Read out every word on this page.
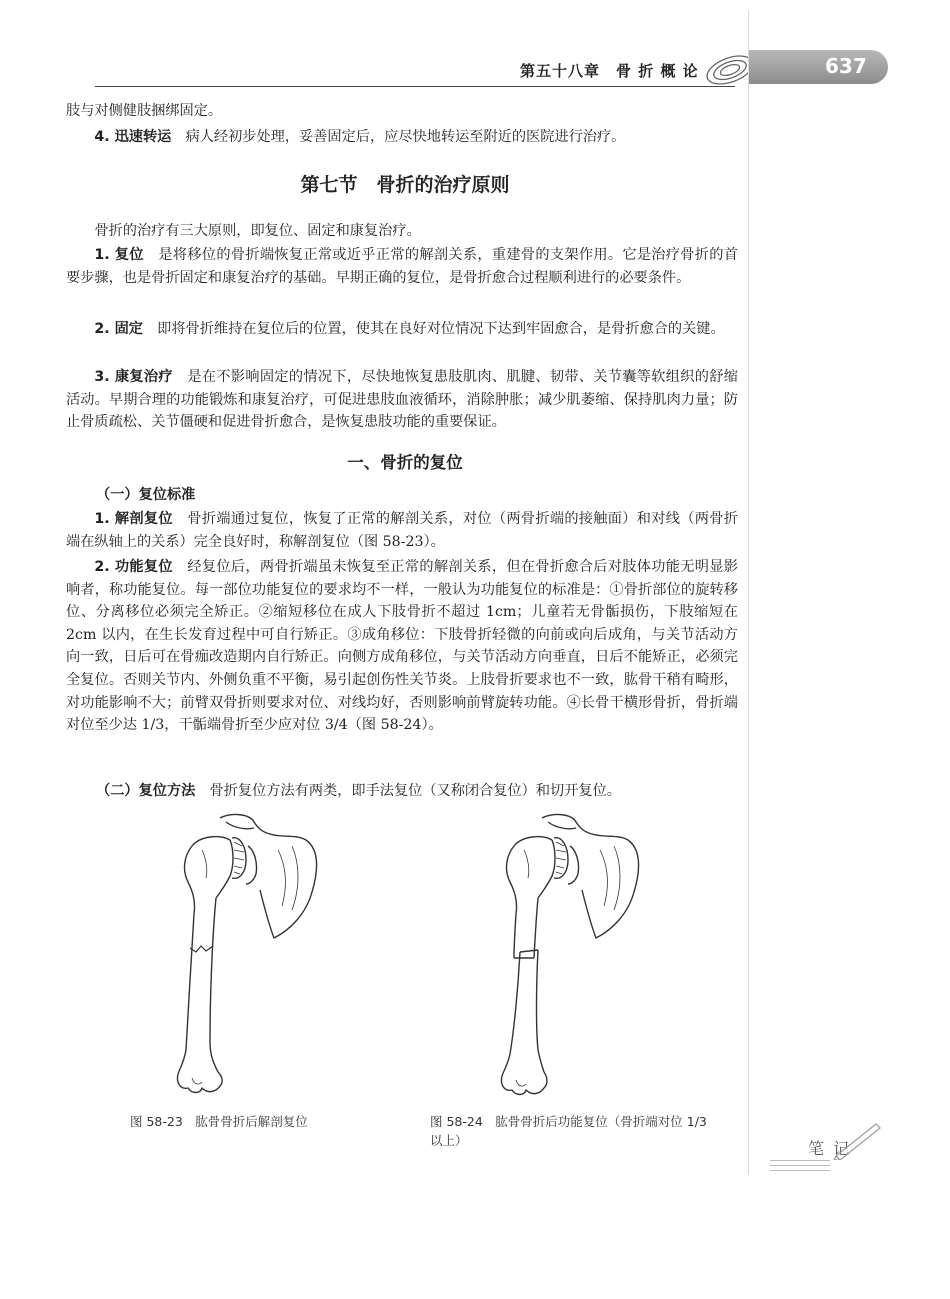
第五十八章　骨 折 概 论	637

肢与对侧健肢捆绑固定。

4. 迅速转运　 病人经初步处理，妥善固定后，应尽快地转运至附近的医院进行治疗。

第七节　骨折的治疗原则

骨折的治疗有三大原则，即复位、固定和康复治疗。

1. 复位　 是将移位的骨折端恢复正常或近乎正常的解剖关系，重建骨的支架作用。它是治疗骨折的首要步骤，也是骨折固定和康复治疗的基础。早期正确的复位，是骨折愈合过程顺利进行的必要条件。

2. 固定　 即将骨折维持在复位后的位置，使其在良好对位情况下达到牢固愈合，是骨折愈合的关键。

3. 康复治疗　 是在不影响固定的情况下，尽快地恢复患肢肌肉、肌腱、韧带、关节囊等软组织的舒缩活动。早期合理的功能锻炼和康复治疗，可促进患肢血液循环，消除肿胀；减少肌萎缩、保持肌肉力量；防止骨质疏松、关节僵硬和促进骨折愈合，是恢复患肢功能的重要保证。

一、骨折的复位
（一）复位标准

1. 解剖复位　 骨折端通过复位，恢复了正常的解剖关系，对位（两骨折端的接触面）和对线（两骨折端在纵轴上的关系）完全良好时，称解剖复位（图 58-23）。

2. 功能复位　 经复位后，两骨折端虽未恢复至正常的解剖关系，但在骨折愈合后对肢体功能无明显影响者，称功能复位。每一部位功能复位的要求均不一样，一般认为功能复位的标准是：①骨折部位的旋转移位、分离移位必须完全矫正。②缩短移位在成人下肢骨折不超过 1cm；儿童若无骨骺损伤，下肢缩短在 2cm 以内，在生长发育过程中可自行矫正。③成角移位：下肢骨折轻微的向前或向后成角，与关节活动方向一致，日后可在骨痂改造期内自行矫正。向侧方成角移位，与关节活动方向垂直，日后不能矫正，必须完全复位。否则关节内、外侧负重不平衡，易引起创伤性关节炎。上肢骨折要求也不一致，肱骨干稍有畸形，对功能影响不大；前臂双骨折则要求对位、对线均好，否则影响前臂旋转功能。④长骨干横形骨折，骨折端对位至少达 1/3，干骺端骨折至少应对位 3/4（图 58-24）。

（二）复位方法　 骨折复位方法有两类，即手法复位（又称闭合复位）和切开复位。

图 58-23　肱骨骨折后解剖复位	图 58-24　肱骨骨折后功能复位（骨折端对位 1/3 以上）	笔 记
